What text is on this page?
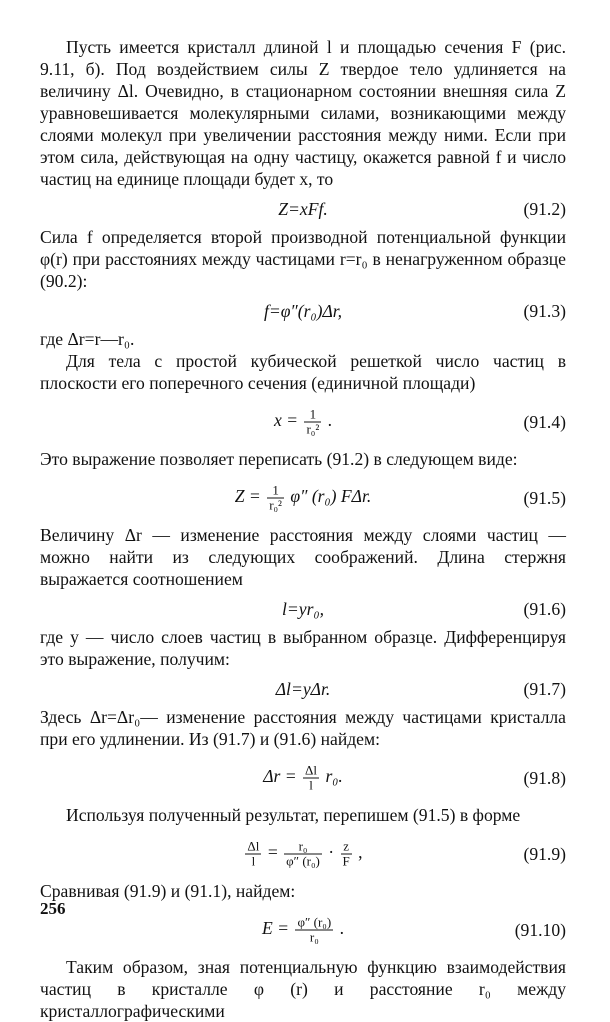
Пусть имеется кристалл длиной l и площадью сечения F (рис. 9.11, б). Под воздействием силы Z твердое тело удлиняется на величину Δl. Очевидно, в стационарном состоянии внешняя сила Z уравновешивается молекулярными силами, возникающими между слоями молекул при увеличении расстояния между ними. Если при этом сила, действующая на одну частицу, окажется равной f и число частиц на единице площади будет x, то

Z=xFf.	(91.2)

Сила f определяется второй производной потенциальной функции φ(r) при расстояниях между частицами r=r₀ в ненагруженном образце (90.2):

f=φ″(r₀)Δr,	(91.3)

где Δr=r—r₀.

Для тела с простой кубической решеткой число частиц в плоскости его поперечного сечения (единичной площади)

$x = \frac{1}{\text{r₀²}}$ .	(91.4)

Это выражение позволяет переписать (91.2) в следующем виде:

$Z = \frac{1}{\text{r₀²}} \varphi''$ (r₀) FΔr.	(91.5)

Величину Δr — изменение расстояния между слоями частиц — можно найти из следующих соображений. Длина стержня выражается соотношением

l=yr₀,	(91.6)

где y — число слоев частиц в выбранном образце. Дифференцируя это выражение, получим:

Δl=yΔr.	(91.7)

Здесь Δr=Δr₀— изменение расстояния между частицами кристалла при его удлинении. Из (91.7) и (91.6) найдем:

$\Delta r = \frac{\Delta l}{l} r_0$.	(91.8)

Используя полученный результат, перепишем (91.5) в форме

$\frac{\Delta l}{l} = \frac{\text{r₀}}{\text{φ″ (r₀)}} \cdot \frac{z}{F}$ ,	(91.9)

Сравнивая (91.9) и (91.1), найдем:

$E = \frac{\text{φ″ (r₀)}}{\text{r₀}}$ .	(91.10)

Таким образом, зная потенциальную функцию взаимодействия частиц в кристалле φ (r) и расстояние r₀ между кристаллографическими

256
